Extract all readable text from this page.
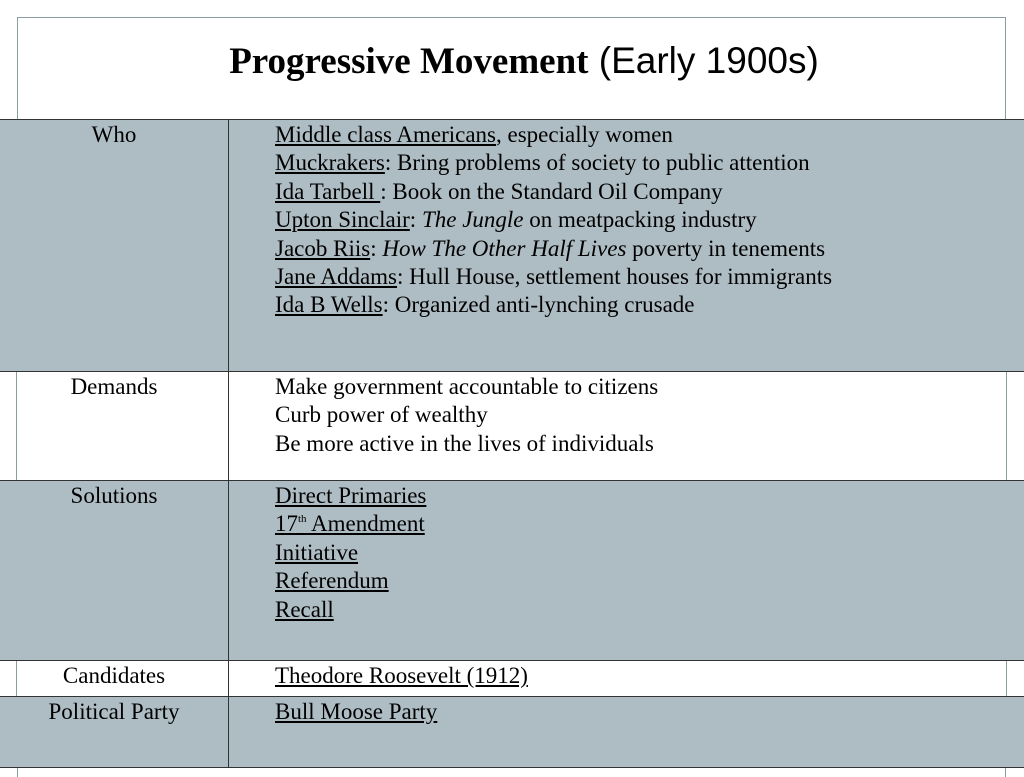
Progressive Movement (Early 1900s)
Who	Middle class Americans, especially women
Muckrakers: Bring problems of society to public attention
Ida Tarbell : Book on the Standard Oil Company
Upton Sinclair: The Jungle on meatpacking industry
Jacob Riis: How The Other Half Lives poverty in tenements
Jane Addams: Hull House, settlement houses for immigrants
Ida B Wells: Organized anti-lynching crusade
Demands	Make government accountable to citizens
Curb power of wealthy
Be more active in the lives of individuals
Solutions	Direct Primaries
17th Amendment
Initiative
Referendum
Recall
Candidates	Theodore Roosevelt (1912)
Political Party	Bull Moose Party
